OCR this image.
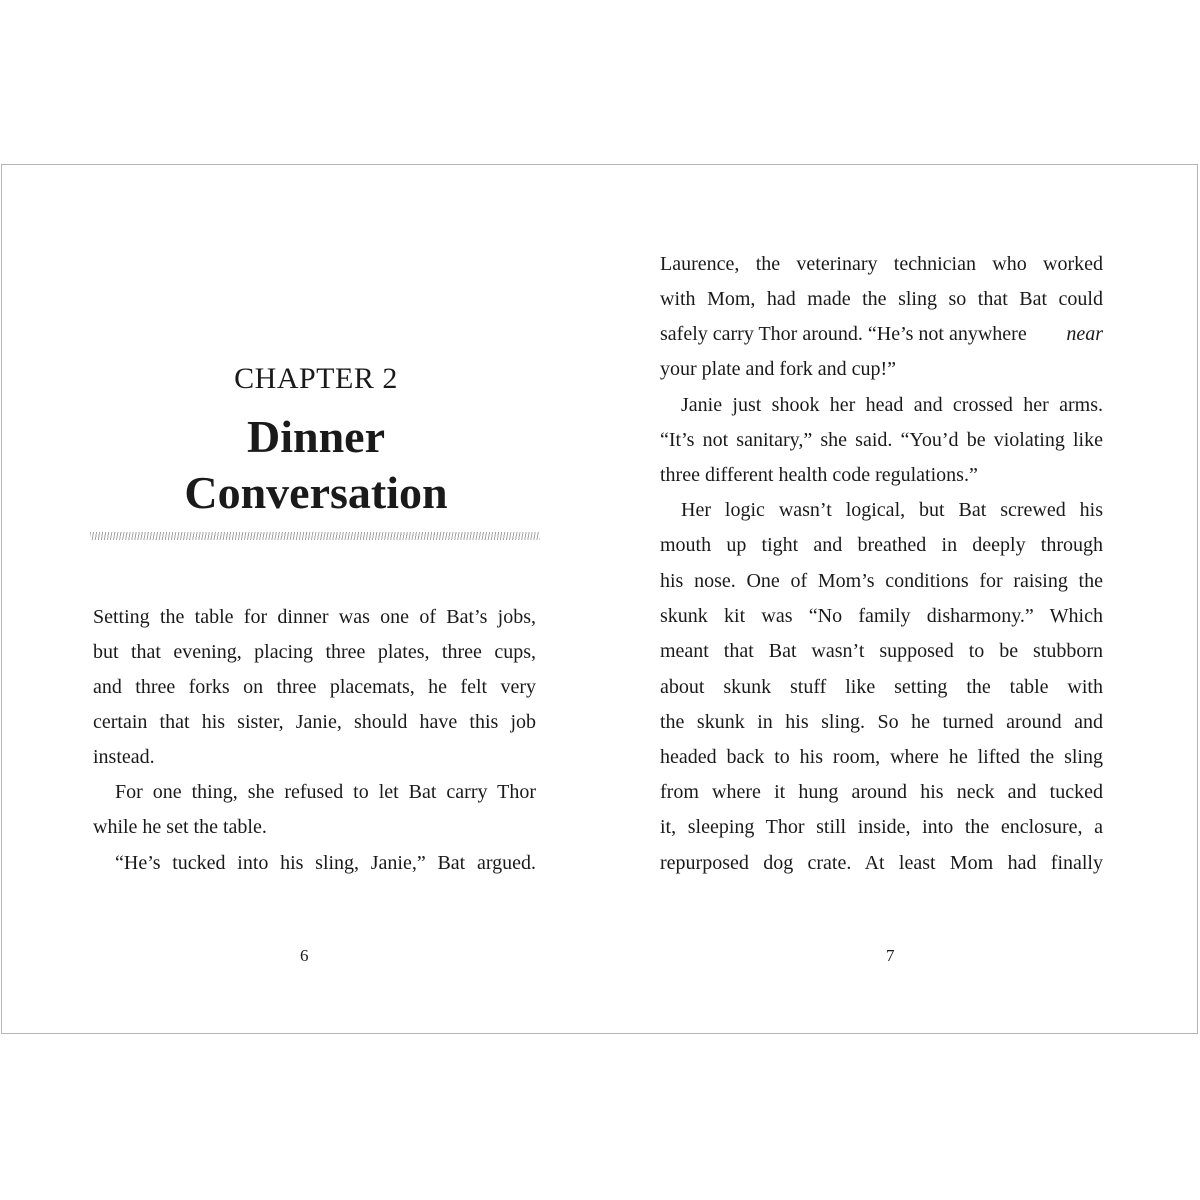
CHAPTER 2
Dinner
Conversation
Setting the table for dinner was one of Bat’s jobs,
but that evening, placing three plates, three cups,
and three forks on three placemats, he felt very
certain that his sister, Janie, should have this job
instead.
For one thing, she refused to let Bat carry Thor
while he set the table.
“He’s tucked into his sling, Janie,” Bat argued.
6
Laurence, the veterinary technician who worked
with Mom, had made the sling so that Bat could
safely carry Thor around. “He’s not anywhere near
your plate and fork and cup!”
Janie just shook her head and crossed her arms.
“It’s not sanitary,” she said. “You’d be violating like
three different health code regulations.”
Her logic wasn’t logical, but Bat screwed his
mouth up tight and breathed in deeply through
his nose. One of Mom’s conditions for raising the
skunk kit was “No family disharmony.” Which
meant that Bat wasn’t supposed to be stubborn
about skunk stuff like setting the table with
the skunk in his sling. So he turned around and
headed back to his room, where he lifted the sling
from where it hung around his neck and tucked
it, sleeping Thor still inside, into the enclosure, a
repurposed dog crate. At least Mom had finally
7
